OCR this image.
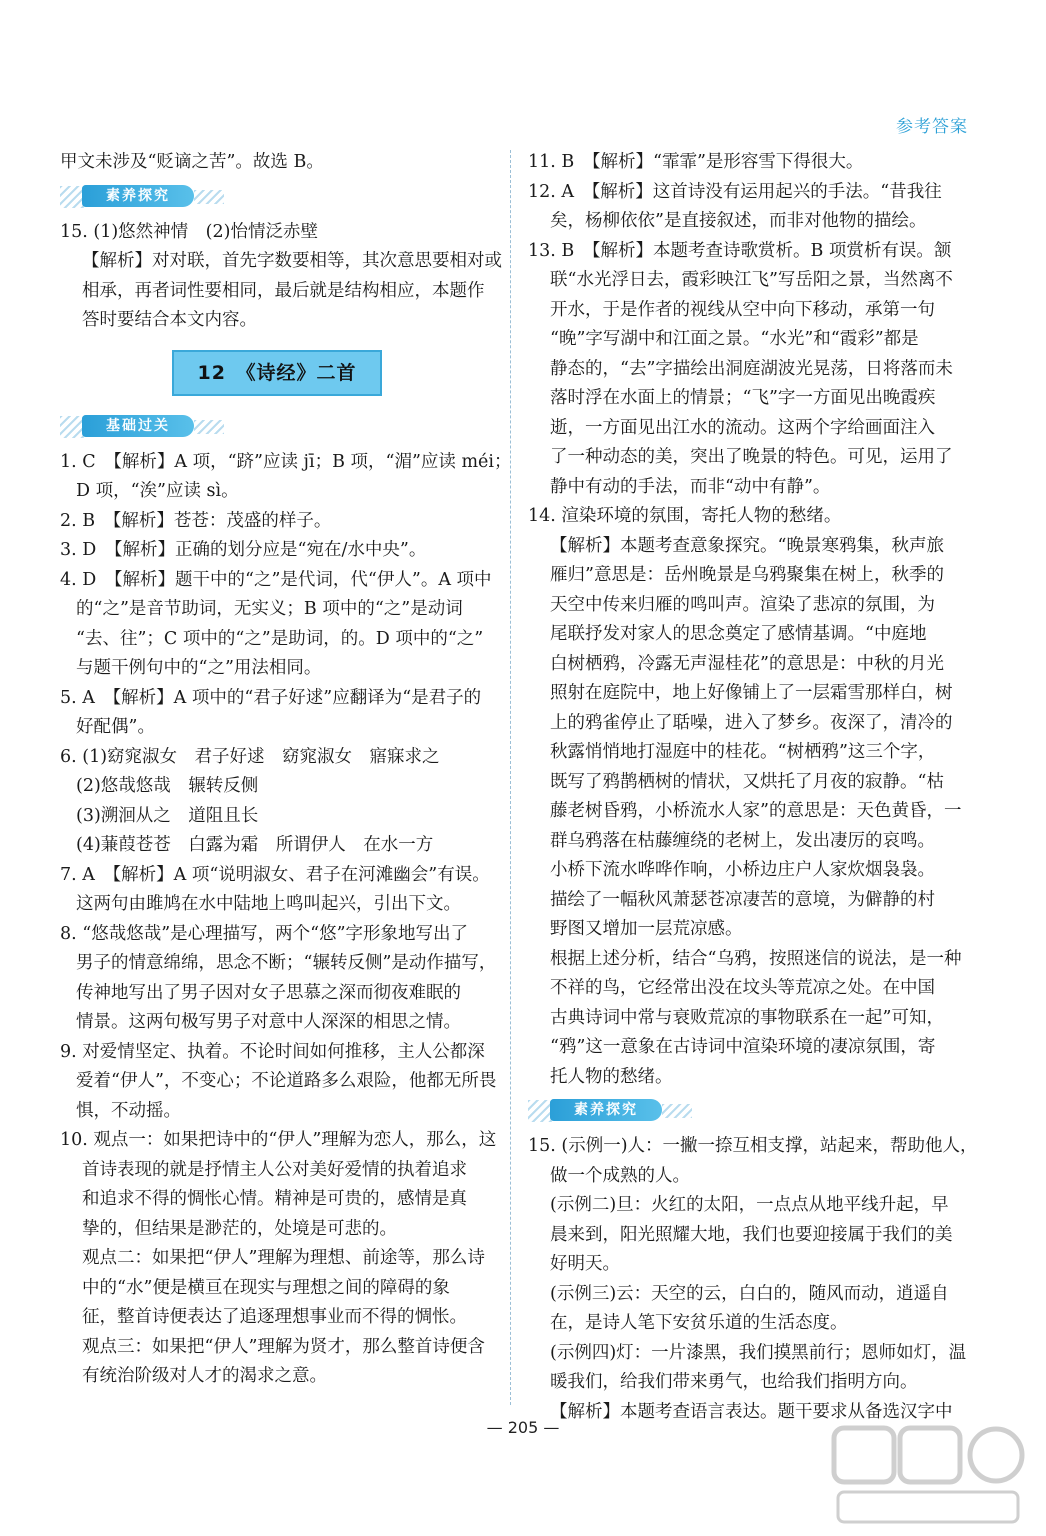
参考答案
甲文未涉及“贬谪之苦”。故选 B。
素养探究
15. (1)悠然神情　(2)怡情泛赤壁
【解析】对对联，首先字数要相等，其次意思要相对或
相承，再者词性要相同，最后就是结构相应，本题作
答时要结合本文内容。
12　《诗经》二首
基础过关
1. C　【解析】A 项，“跻”应读 jī；B 项，“湄”应读 méi；
D 项，“涘”应读 sì。
2. B　【解析】苍苍：茂盛的样子。
3. D　【解析】正确的划分应是“宛在/水中央”。
4. D　【解析】题干中的“之”是代词，代“伊人”。A 项中
的“之”是音节助词，无实义；B 项中的“之”是动词
“去、往”；C 项中的“之”是助词，的。D 项中的“之”
与题干例句中的“之”用法相同。
5. A　【解析】A 项中的“君子好逑”应翻译为“是君子的
好配偶”。
6. (1)窈窕淑女　君子好逑　窈窕淑女　寤寐求之
(2)悠哉悠哉　辗转反侧
(3)溯洄从之　道阻且长
(4)蒹葭苍苍　白露为霜　所谓伊人　在水一方
7. A　【解析】A 项“说明淑女、君子在河滩幽会”有误。
这两句由雎鸠在水中陆地上鸣叫起兴，引出下文。
8. “悠哉悠哉”是心理描写，两个“悠”字形象地写出了
男子的情意绵绵，思念不断；“辗转反侧”是动作描写，
传神地写出了男子因对女子思慕之深而彻夜难眠的
情景。这两句极写男子对意中人深深的相思之情。
9. 对爱情坚定、执着。不论时间如何推移，主人公都深
爱着“伊人”，不变心；不论道路多么艰险，他都无所畏
惧，不动摇。
10. 观点一：如果把诗中的“伊人”理解为恋人，那么，这
首诗表现的就是抒情主人公对美好爱情的执着追求
和追求不得的惆怅心情。精神是可贵的，感情是真
挚的，但结果是渺茫的，处境是可悲的。
观点二：如果把“伊人”理解为理想、前途等，那么诗
中的“水”便是横亘在现实与理想之间的障碍的象
征，整首诗便表达了追逐理想事业而不得的惆怅。
观点三：如果把“伊人”理解为贤才，那么整首诗便含
有统治阶级对人才的渴求之意。
11. B　【解析】“霏霏”是形容雪下得很大。
12. A　【解析】这首诗没有运用起兴的手法。“昔我往
矣，杨柳依依”是直接叙述，而非对他物的描绘。
13. B　【解析】本题考查诗歌赏析。B 项赏析有误。颔
联“水光浮日去，霞彩映江飞”写岳阳之景，当然离不
开水，于是作者的视线从空中向下移动，承第一句
“晚”字写湖中和江面之景。“水光”和“霞彩”都是
静态的，“去”字描绘出洞庭湖波光晃荡，日将落而未
落时浮在水面上的情景；“飞”字一方面见出晚霞疾
逝，一方面见出江水的流动。这两个字给画面注入
了一种动态的美，突出了晚景的特色。可见，运用了
静中有动的手法，而非“动中有静”。
14. 渲染环境的氛围，寄托人物的愁绪。
【解析】本题考查意象探究。“晚景寒鸦集，秋声旅
雁归”意思是：岳州晚景是乌鸦聚集在树上，秋季的
天空中传来归雁的鸣叫声。渲染了悲凉的氛围，为
尾联抒发对家人的思念奠定了感情基调。“中庭地
白树栖鸦，冷露无声湿桂花”的意思是：中秋的月光
照射在庭院中，地上好像铺上了一层霜雪那样白，树
上的鸦雀停止了聒噪，进入了梦乡。夜深了，清冷的
秋露悄悄地打湿庭中的桂花。“树栖鸦”这三个字，
既写了鸦鹊栖树的情状，又烘托了月夜的寂静。“枯
藤老树昏鸦，小桥流水人家”的意思是：天色黄昏，一
群乌鸦落在枯藤缠绕的老树上，发出凄厉的哀鸣。
小桥下流水哗哗作响，小桥边庄户人家炊烟袅袅。
描绘了一幅秋风萧瑟苍凉凄苦的意境，为僻静的村
野图又增加一层荒凉感。
根据上述分析，结合“乌鸦，按照迷信的说法，是一种
不祥的鸟，它经常出没在坟头等荒凉之处。在中国
古典诗词中常与衰败荒凉的事物联系在一起”可知，
“鸦”这一意象在古诗词中渲染环境的凄凉氛围，寄
托人物的愁绪。
素养探究
15. (示例一)人：一撇一捺互相支撑，站起来，帮助他人，
做一个成熟的人。
(示例二)旦：火红的太阳，一点点从地平线升起，早
晨来到，阳光照耀大地，我们也要迎接属于我们的美
好明天。
(示例三)云：天空的云，白白的，随风而动，逍遥自
在，是诗人笔下安贫乐道的生活态度。
(示例四)灯：一片漆黑，我们摸黑前行；恩师如灯，温
暖我们，给我们带来勇气，也给我们指明方向。
【解析】本题考查语言表达。题干要求从备选汉字中
— 205 —
